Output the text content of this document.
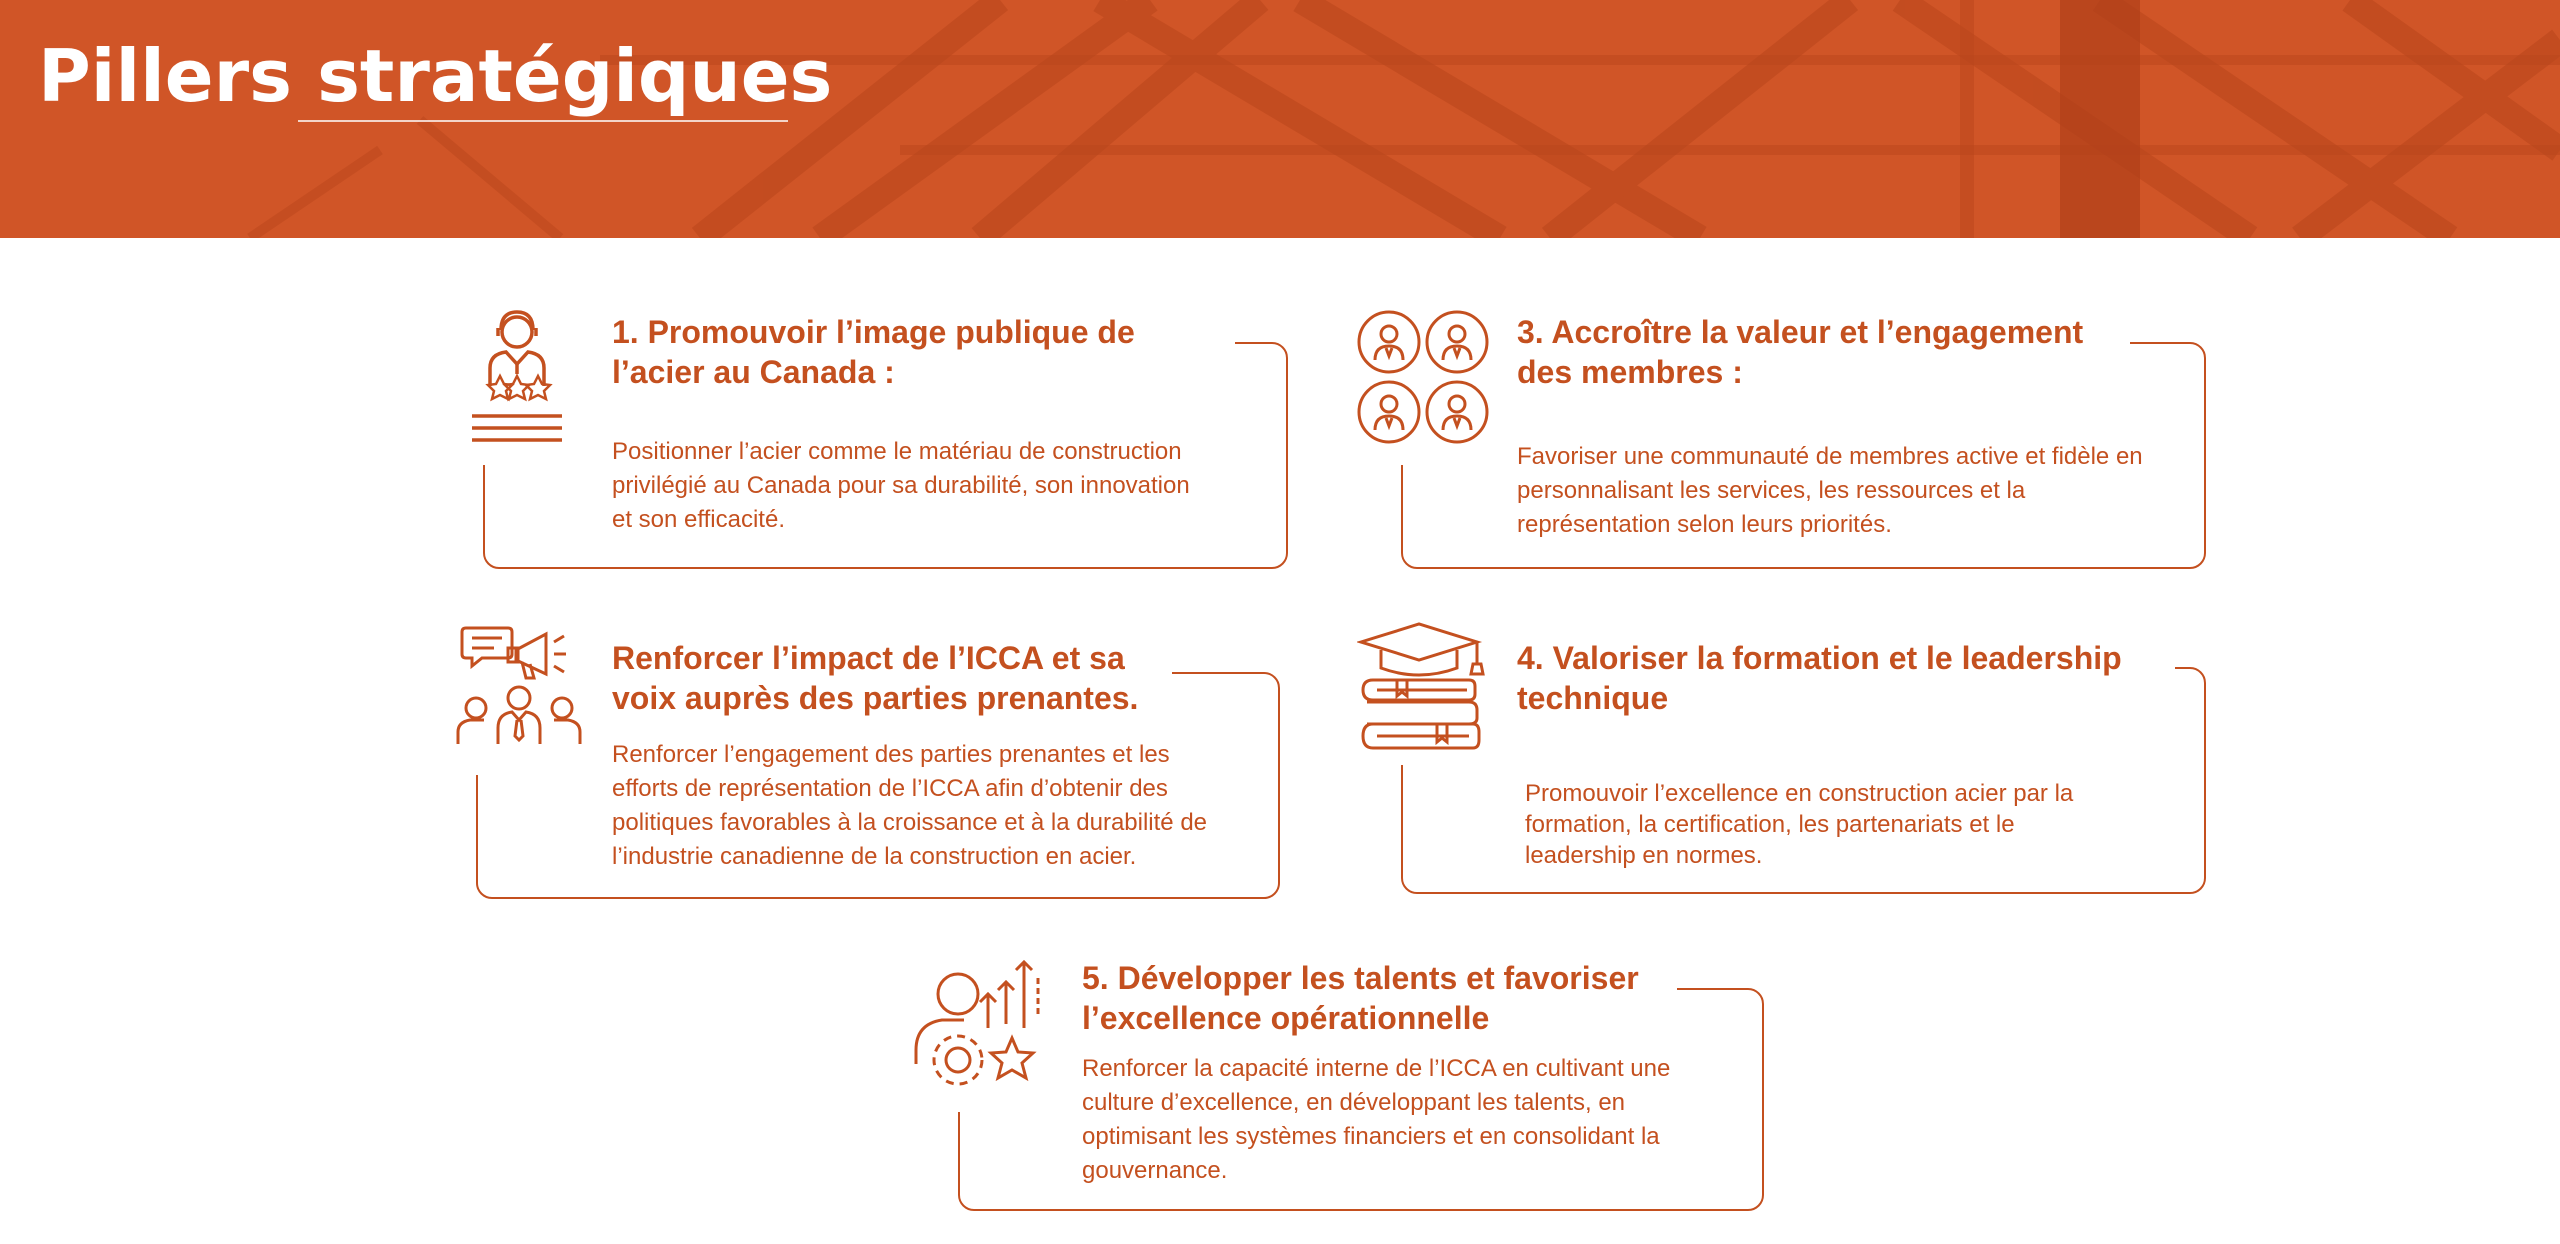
Pillers stratégiques
1. Promouvoir l’image publique de l’acier au Canada :

Positionner l’acier comme le matériau de construction privilégié au Canada pour sa durabilité, son innovation et son efficacité.

3. Accroître la valeur et l’engagement des membres :

Favoriser une communauté de membres active et fidèle en personnalisant les services, les ressources et la représentation selon leurs priorités.

Renforcer l’impact de l’ICCA et sa voix auprès des parties prenantes.

Renforcer l’engagement des parties prenantes et les efforts de représentation de l’ICCA afin d’obtenir des politiques favorables à la croissance et à la durabilité de l’industrie canadienne de la construction en acier.

4. Valoriser la formation et le leadership technique

Promouvoir l’excellence en construction acier par la formation, la certification, les partenariats et le leadership en normes.

5. Développer les talents et favoriser l’excellence opérationnelle

Renforcer la capacité interne de l’ICCA en cultivant une culture d’excellence, en développant les talents, en optimisant les systèmes financiers et en consolidant la gouvernance.
